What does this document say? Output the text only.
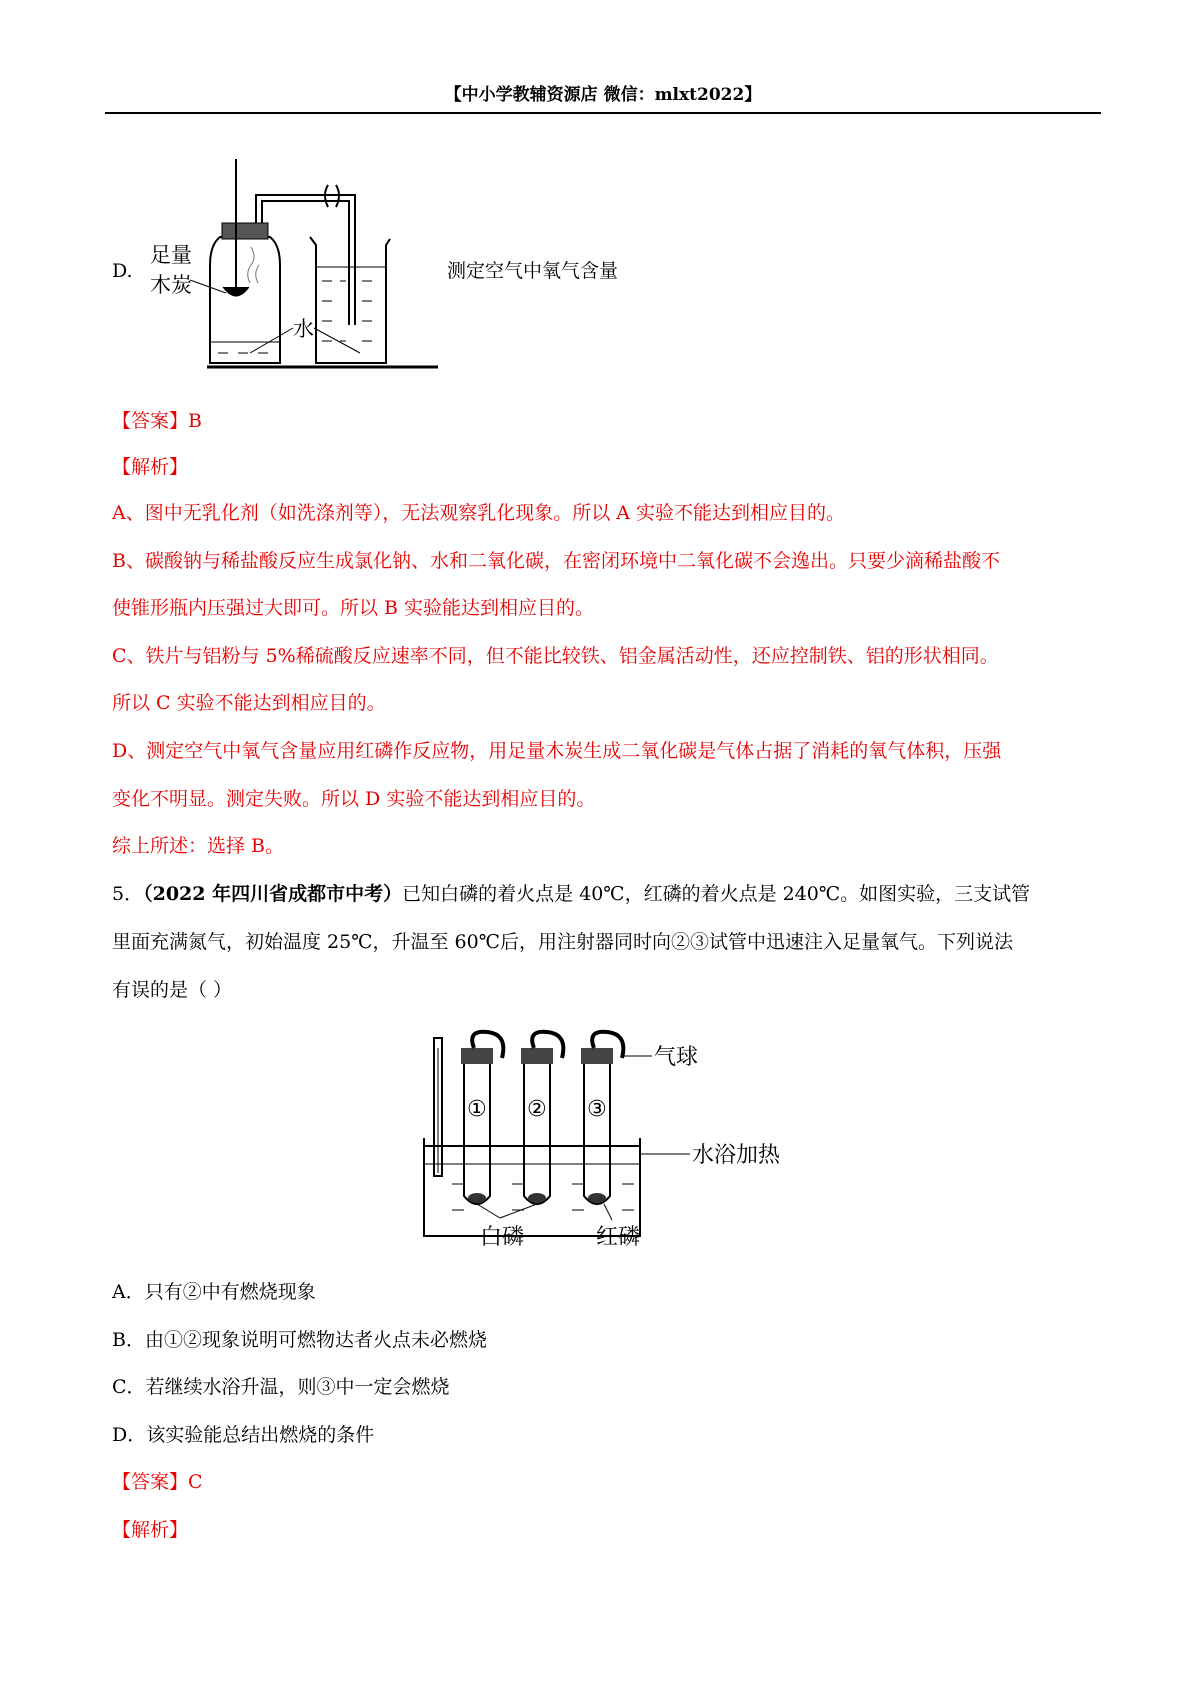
【中小学教辅资源店 微信：mlxt2022】
D.
足量
木炭
水
测定空气中氧气含量
【答案】B
【解析】
A、图中无乳化剂（如洗涤剂等），无法观察乳化现象。所以 A 实验不能达到相应目的。
B、碳酸钠与稀盐酸反应生成氯化钠、水和二氧化碳，在密闭环境中二氧化碳不会逸出。只要少滴稀盐酸不
使锥形瓶内压强过大即可。所以 B 实验能达到相应目的。
C、铁片与铝粉与 5%稀硫酸反应速率不同，但不能比较铁、铝金属活动性，还应控制铁、铝的形状相同。
所以 C 实验不能达到相应目的。
D、测定空气中氧气含量应用红磷作反应物，用足量木炭生成二氧化碳是气体占据了消耗的氧气体积，压强
变化不明显。测定失败。所以 D 实验不能达到相应目的。
综上所述：选择 B。
5．（2022 年四川省成都市中考）已知白磷的着火点是 40℃，红磷的着火点是 240℃。如图实验，三支试管
里面充满氮气，初始温度 25℃，升温至 60℃后，用注射器同时向②③试管中迅速注入足量氧气。下列说法
有误的是（ ）
① ② ③
气球
水浴加热
白磷	红磷
A．只有②中有燃烧现象
B．由①②现象说明可燃物达者火点未必燃烧
C．若继续水浴升温，则③中一定会燃烧
D．该实验能总结出燃烧的条件
【答案】C
【解析】
